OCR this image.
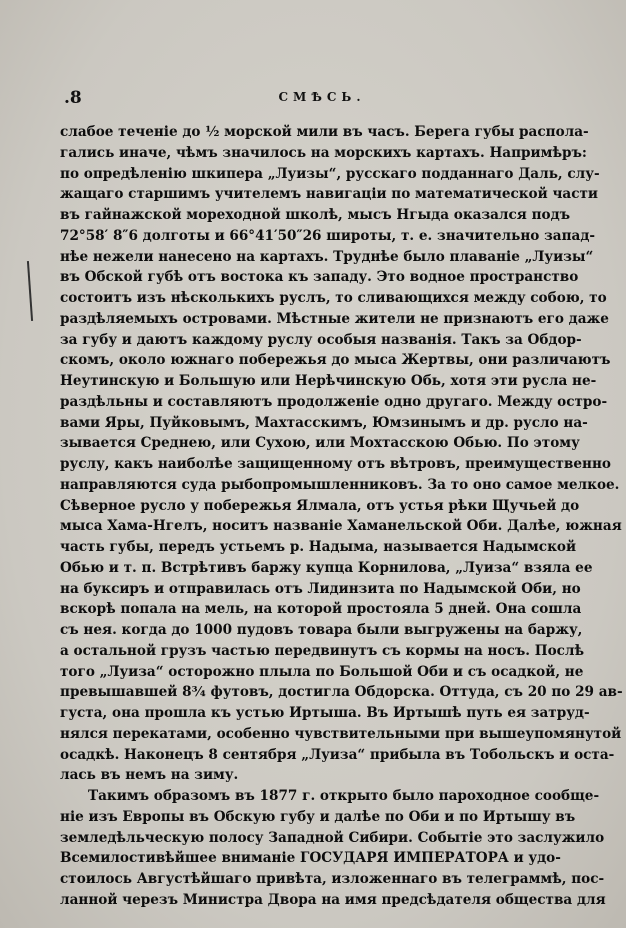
.8	СМѢСЬ.
слабое теченіе до ½ морской мили въ часъ. Берега губы распола-
гались иначе, чѣмъ значилось на морскихъ картахъ. Напримѣръ:
по опредѣленію шкипера „Луизы“, русскаго подданнаго Даль, слу-
жащаго старшимъ учителемъ навигаціи по математической части
въ гайнажской мореходной школѣ, мысъ Нгыда оказался подъ
72°58′ 8″6 долготы и 66°41′50″26 широты, т. е. значительно запад-
нѣе нежели нанесено на картахъ. Труднѣе было плаваніе „Луизы“
въ Обской губѣ отъ востока къ западу. Это водное пространство
состоитъ изъ нѣсколькихъ руслъ, то сливающихся между собою, то
раздѣляемыхъ островами. Мѣстные жители не признаютъ его даже
за губу и даютъ каждому руслу особыя названія. Такъ за Обдор-
скомъ, около южнаго побережья до мыса Жертвы, они различаютъ
Неутинскую и Большую или Нерѣчинскую Обь, хотя эти русла не-
раздѣльны и составляютъ продолженіе одно другаго. Между остро-
вами Яры, Пуйковымъ, Махтасскимъ, Юмзинымъ и др. русло на-
зывается Среднею, или Сухою, или Мохтасскою Обью. По этому
руслу, какъ наиболѣе защищенному отъ вѣтровъ, преимущественно
направляются суда рыбопромышленниковъ. За то оно самое мелкое.
Сѣверное русло у побережья Ялмала, отъ устья рѣки Щучьей до
мыса Хама-Нгелъ, носитъ названіе Хаманельской Оби. Далѣе, южная
часть губы, передъ устьемъ р. Надыма, называется Надымской
Обью и т. п. Встрѣтивъ баржу купца Корнилова, „Луиза“ взяла ее
на буксиръ и отправилась отъ Лидинзита по Надымской Оби, но
вскорѣ попала на мель, на которой простояла 5 дней. Она сошла
съ нея. когда до 1000 пудовъ товара были выгружены на баржу,
а остальной грузъ частью передвинутъ съ кормы на носъ. Послѣ
того „Луиза“ осторожно плыла по Большой Оби и съ осадкой, не
превышавшей 8¾ футовъ, достигла Обдорска. Оттуда, съ 20 по 29 ав-
густа, она прошла къ устью Иртыша. Въ Иртышѣ путь ея затруд-
нялся перекатами, особенно чувствительными при вышеупомянутой
осадкѣ. Наконецъ 8 сентября „Луиза“ прибыла въ Тобольскъ и оста-
лась въ немъ на зиму.
Такимъ образомъ въ 1877 г. открыто было пароходное сообще-
ніе изъ Европы въ Обскую губу и далѣе по Оби и по Иртышу въ
земледѣльческую полосу Западной Сибири. Событіе это заслужило
Всемилостивѣйшее вниманіе ГОСУДАРЯ ИМПЕРАТОРА и удо-
стоилось Августѣйшаго привѣта, изложеннаго въ телеграммѣ, пос-
ланной черезъ Министра Двора на имя предсѣдателя общества для
